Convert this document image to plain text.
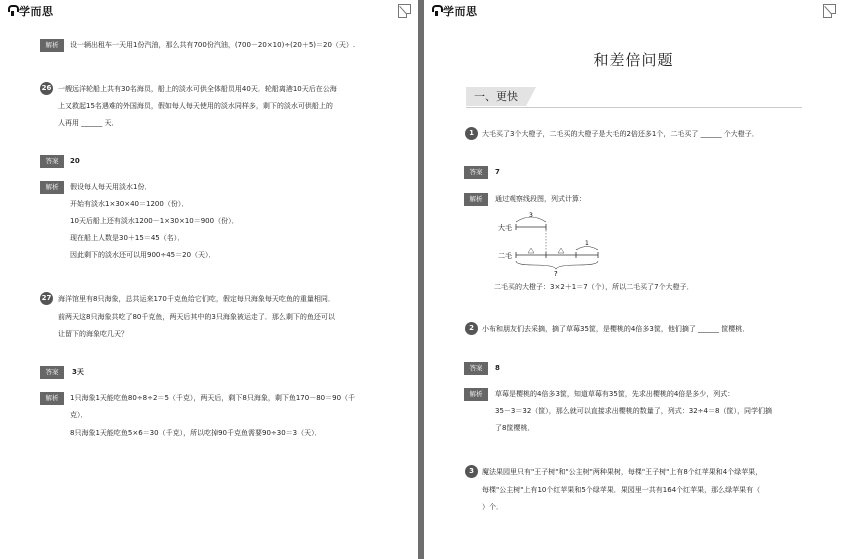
学而思
解析	设一辆出租车一天用1份汽油，那么共有700份汽油，(700－20×10)÷(20＋5)＝20（天）.
26 一艘远洋轮船上共有30名海员，船上的淡水可供全体船员用40天．轮船离港10天后在公海
上又救起15名遇难的外国海员，假如每人每天使用的淡水同样多，剩下的淡水可供船上的
人再用 ______ 天．
答案	20
解析	假设每人每天用淡水1份．
开始有淡水1×30×40＝1200（份）．
10天后船上还有淡水1200－1×30×10＝900（份）．
现在船上人数是30＋15＝45（名）．
因此剩下的淡水还可以用900÷45＝20（天）．
27 海洋馆里有8只海象，总共运来170千克鱼给它们吃，假定每只海象每天吃鱼的重量相同．
前两天这8只海象共吃了80千克鱼，两天后其中的3只海象被运走了．那么剩下的鱼还可以
让留下的海象吃几天？
答案	3天
解析	1只海象1天能吃鱼80÷8÷2＝5（千克），两天后，剩下8只海象，剩下鱼170－80＝90（千
克）．
8只海象1天能吃鱼5×6＝30（千克），所以吃掉90千克鱼需要90÷30＝3（天）．
学而思
和差倍问题
一、更快
1	大毛买了3个大橙子，二毛买的大橙子是大毛的2倍还多1个，二毛买了 ______ 个大橙子．
答案	7
解析	通过观察线段图，列式计算：
大毛
二毛
3
1
?
二毛买的大橙子：3×2＋1＝7（个），所以二毛买了7个大橙子．
2	小布和朋友们去采摘，摘了草莓35筐，是樱桃的4倍多3筐，他们摘了 ______ 筐樱桃．
答案	8
解析	草莓是樱桃的4倍多3筐，知道草莓有35筐，先求出樱桃的4倍是多少，列式：
35－3＝32（筐），那么就可以直接求出樱桃的数量了，列式：32÷4＝8（筐），同学们摘
了8筐樱桃．
3	魔法果园里只有"王子树"和"公主树"两种果树，每棵"王子树"上有8个红苹果和4个绿苹果，
每棵"公主树"上有10个红苹果和5个绿苹果．果园里一共有164个红苹果，那么绿苹果有（
）个．
